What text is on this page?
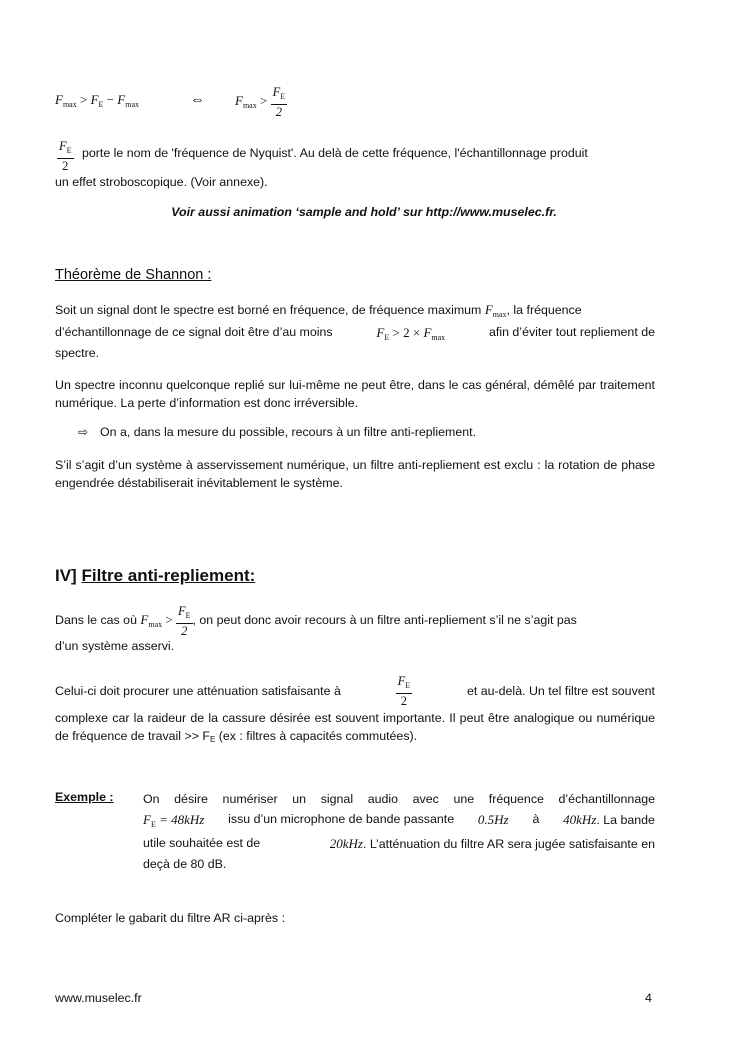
$F_{max} > F_E - F_{max}$	⇔ $F_{max} > \frac{F_E}{2}$
$\frac{F_E}{2}$ porte le nom de 'fréquence de Nyquist'. Au delà de cette fréquence, l'échantillonnage produit
un effet stroboscopique. (Voir annexe).
Voir aussi animation ‘sample and hold’ sur http://www.muselec.fr.
Théorème de Shannon :
Soit un signal dont le spectre est borné en fréquence, de fréquence maximum $F_{max}$, la fréquence
d’échantillonnage de ce signal doit être d’au moins	$F_E > 2 \times F_{max}$	afin d’éviter tout repliement de
spectre.
Un spectre inconnu quelconque replié sur lui-même ne peut être, dans le cas général, démêlé par traitement numérique. La perte d’information est donc irréversible.
⇨ On a, dans la mesure du possible, recours à un filtre anti-repliement.
S’il s’agit d’un système à asservissement numérique, un filtre anti-repliement est exclu : la rotation de phase engendrée déstabiliserait inévitablement le système.
IV] Filtre anti-repliement:
Dans le cas où $F_{max} > \frac{F_E}{2}$ , on peut donc avoir recours à un filtre anti-repliement s’il ne s’agit pas
d’un système asservi.
Celui-ci doit procurer une atténuation satisfaisante à	$\frac{F_E}{2}$	et au-delà. Un tel filtre est souvent
complexe car la raideur de la cassure désirée est souvent importante. Il peut être analogique ou numérique de fréquence de travail >> FE (ex : filtres à capacités commutées).
Exemple : On désire numériser un signal audio avec une fréquence d’échantillonnage
$F_E = 48kHz$ issu d’un microphone de bande passante 0.5Hz à 40kHz. La bande
utile souhaitée est de	20kHz. L’atténuation du filtre AR sera jugée satisfaisante en
deçà de 80 dB.
Compléter le gabarit du filtre AR ci-après :
www.muselec.fr	4
